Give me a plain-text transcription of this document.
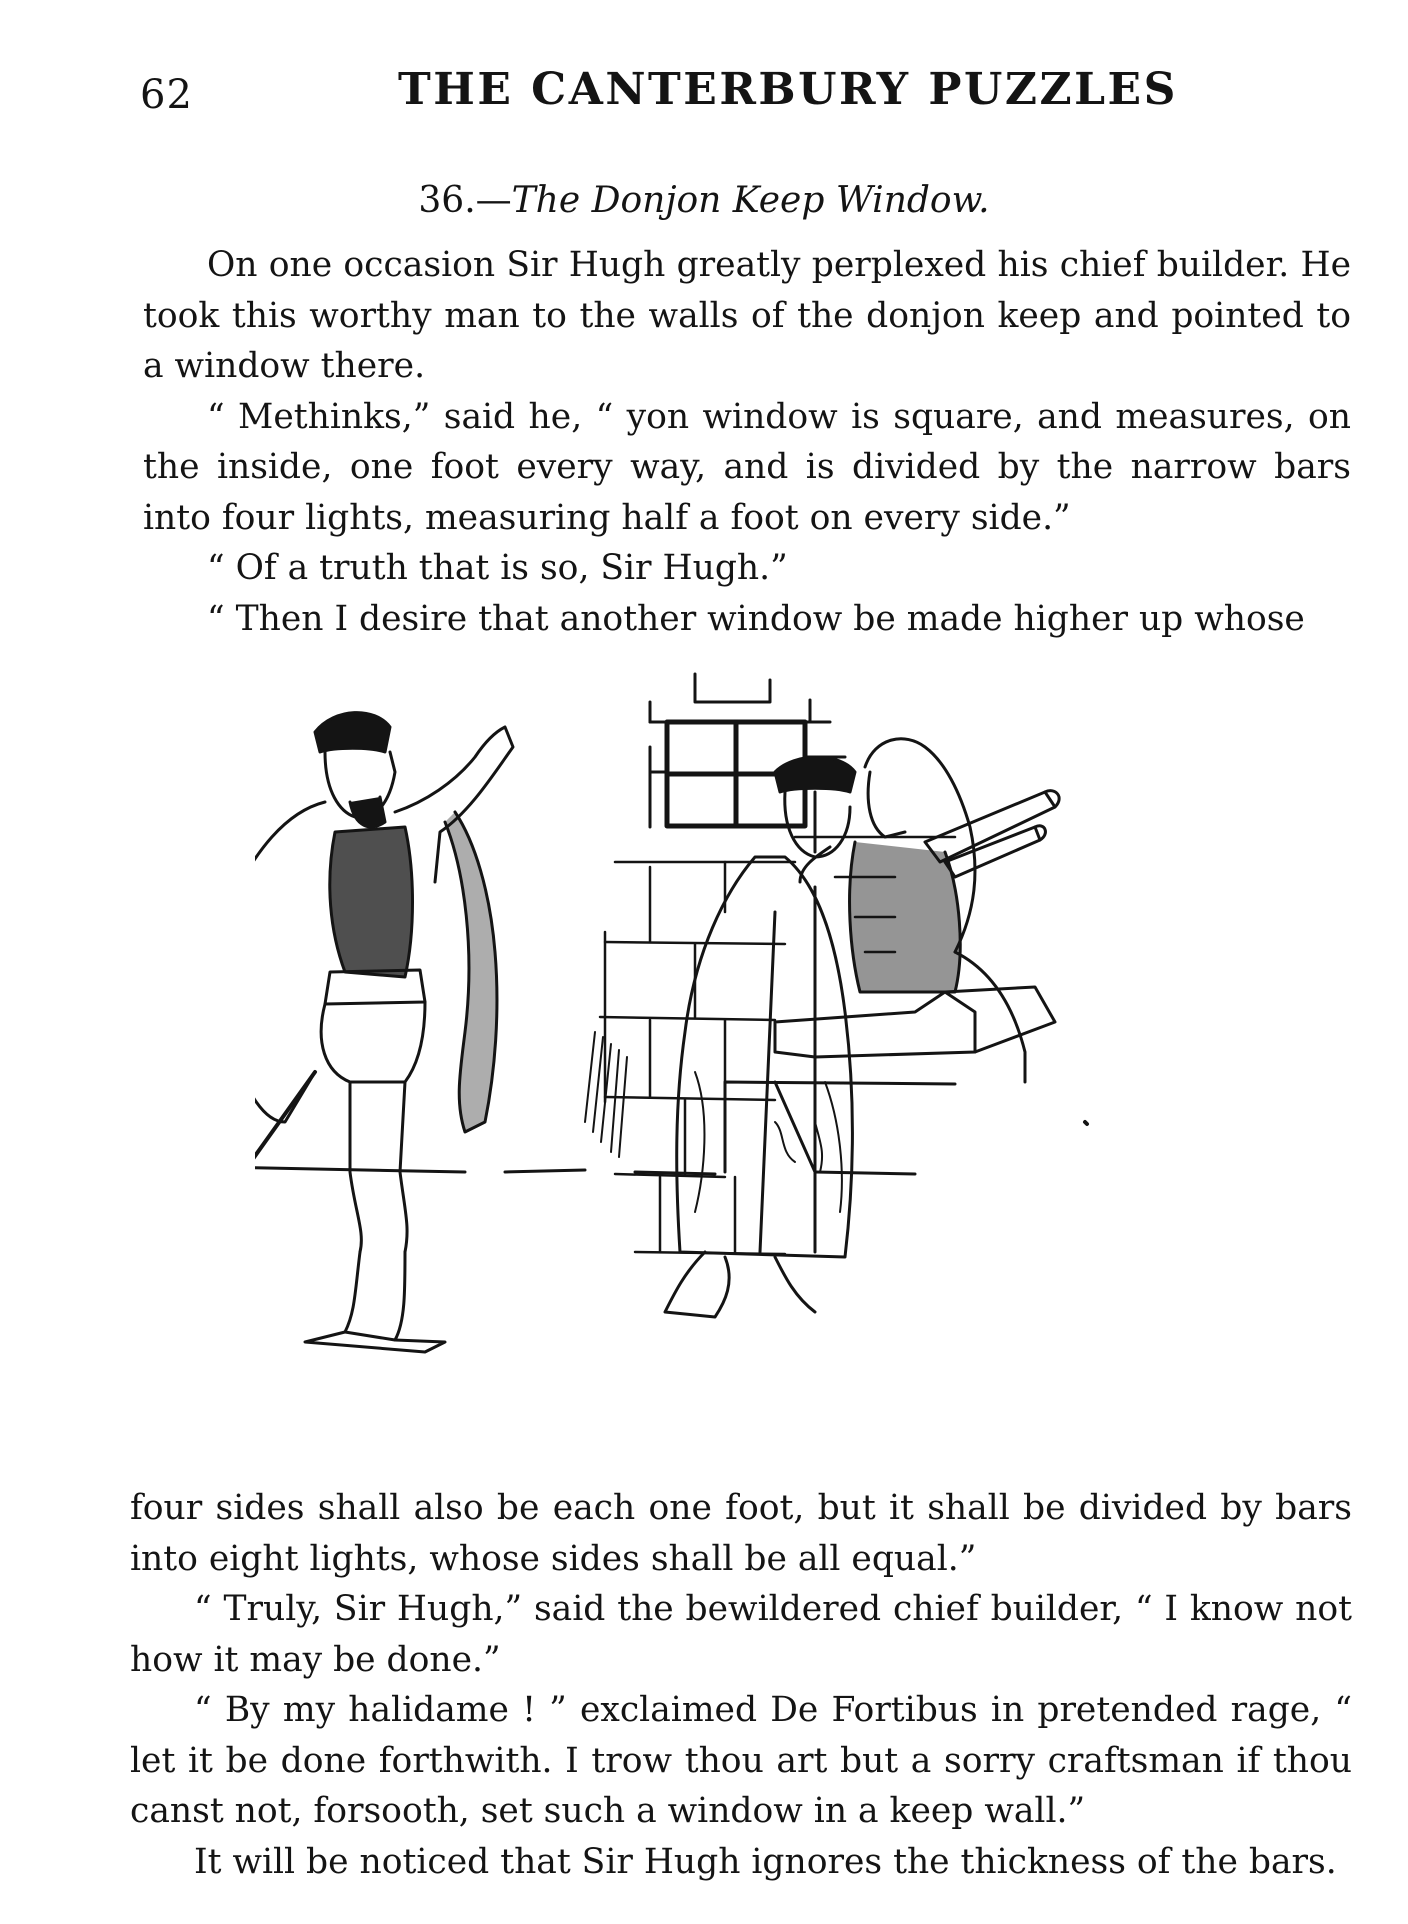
62	THE CANTERBURY PUZZLES
36.—The Donjon Keep Window.

On one occasion Sir Hugh greatly perplexed his chief builder. He took this worthy man to the walls of the donjon keep and pointed to a window there.

“ Methinks,” said he, “ yon window is square, and measures, on the inside, one foot every way, and is divided by the narrow bars into four lights, measuring half a foot on every side.”

“ Of a truth that is so, Sir Hugh.”

“ Then I desire that another window be made higher up whose

four sides shall also be each one foot, but it shall be divided by bars into eight lights, whose sides shall be all equal.”

“ Truly, Sir Hugh,” said the bewildered chief builder, “ I know not how it may be done.”

“ By my halidame ! ” exclaimed De Fortibus in pretended rage, “ let it be done forthwith. I trow thou art but a sorry craftsman if thou canst not, forsooth, set such a window in a keep wall.”

It will be noticed that Sir Hugh ignores the thickness of the bars.
